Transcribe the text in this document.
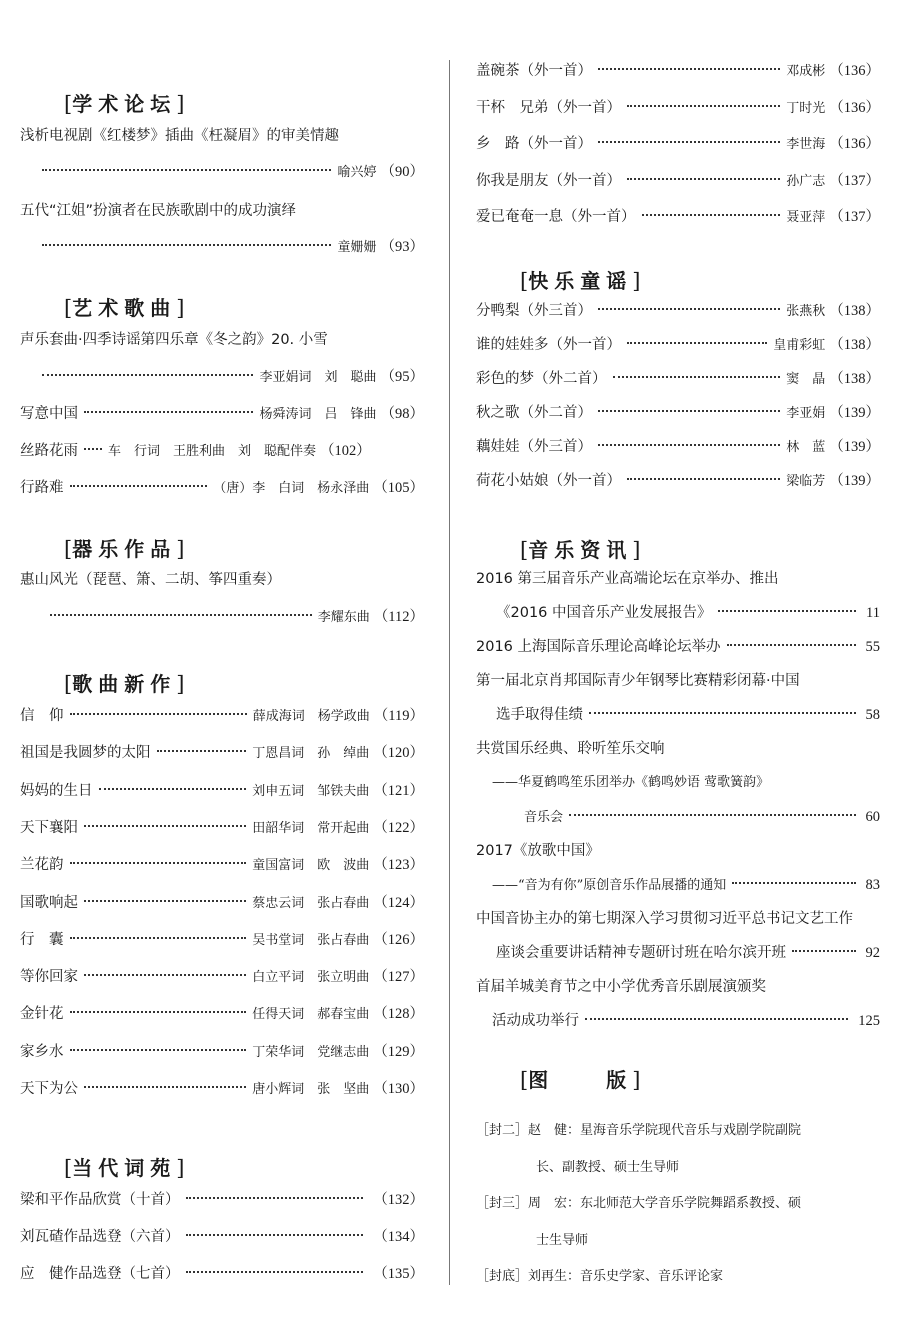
[学术论坛]
浅析电视剧《红楼梦》插曲《枉凝眉》的审美情趣
喻兴婷 （90）
五代“江姐”扮演者在民族歌剧中的成功演绎
童姗姗 （93）
[艺术歌曲]
声乐套曲·四季诗谣第四乐章《冬之韵》20. 小雪
李亚娟词　刘　聪曲 （95）
写意中国	杨舜涛词　吕　锋曲 （98）
丝路花雨 车　行词　王胜利曲　刘　聪配伴奏 （102）
行路难	（唐）李　白词　杨永泽曲 （105）
[器乐作品]
惠山风光（琵琶、箫、二胡、筝四重奏）
李耀东曲 （112）
[歌曲新作]
信　仰	薛成海词　杨学政曲 （119）
祖国是我圆梦的太阳	丁恩昌词　孙　绰曲 （120）
妈妈的生日	刘申五词　邹铁夫曲 （121）
天下襄阳	田韶华词　常开起曲 （122）
兰花韵	童国富词　欧　波曲 （123）
国歌响起	蔡忠云词　张占春曲 （124）
行　囊	吴书堂词　张占春曲 （126）
等你回家	白立平词　张立明曲 （127）
金针花	任得天词　郝春宝曲 （128）
家乡水	丁荣华词　党继志曲 （129）
天下为公	唐小辉词　张　坚曲 （130）
[当代词苑]
梁和平作品欣赏（十首）	（132）
刘瓦碴作品选登（六首）	（134）
应　健作品选登（七首）	（135）
盖碗茶（外一首）	邓成彬 （136）
干杯　兄弟（外一首）	丁时光 （136）
乡　路（外一首）	李世海 （136）
你我是朋友（外一首）	孙广志 （137）
爱已奄奄一息（外一首）	聂亚萍 （137）
[快乐童谣]
分鸭梨（外三首）	张燕秋 （138）
谁的娃娃多（外一首）	皇甫彩虹 （138）
彩色的梦（外二首）	窦　晶 （138）
秋之歌（外二首）	李亚娟 （139）
藕娃娃（外三首）	林　蓝 （139）
荷花小姑娘（外一首）	梁临芳 （139）
[音乐资讯]
2016 第三届音乐产业高端论坛在京举办、推出
《2016 中国音乐产业发展报告》	11
2016 上海国际音乐理论高峰论坛举办	55
第一届北京肖邦国际青少年钢琴比赛精彩闭幕·中国
选手取得佳绩	58
共赏国乐经典、聆听笙乐交响
——华夏鹤鸣笙乐团举办《鹤鸣妙语 莺歌簧韵》
音乐会	60
2017《放歌中国》
——“音为有你”原创音乐作品展播的通知	83
中国音协主办的第七期深入学习贯彻习近平总书记文艺工作
座谈会重要讲话精神专题研讨班在哈尔滨开班	92
首届羊城美育节之中小学优秀音乐剧展演颁奖
活动成功举行	125
[图　　版]
［封二］赵　健：星海音乐学院现代音乐与戏剧学院副院
长、副教授、硕士生导师
［封三］周　宏：东北师范大学音乐学院舞蹈系教授、硕
士生导师
［封底］刘再生：音乐史学家、音乐评论家
